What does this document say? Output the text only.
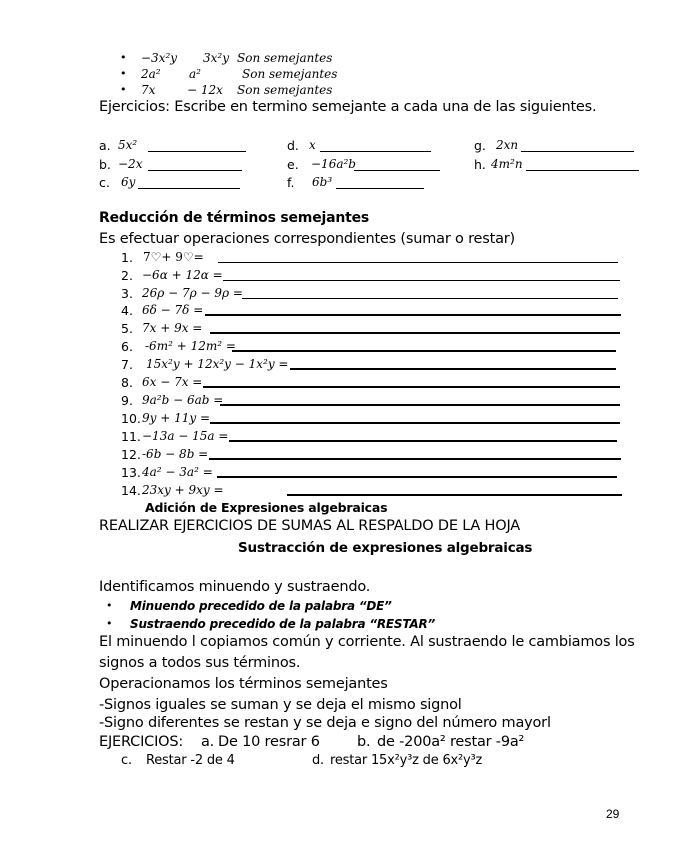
• −3x²y 3x²y Son semejantes
• 2a² a²	Son semejantes
• 7x	− 12x Son semejantes
Ejercicios: Escribe en termino semejante a cada una de las siguientes.
a. 5x²
b. −2x
c. 6y
d. x
e. −16a²b
f. 6b³
g. 2xn
h. 4m²n
Reducción de términos semejantes
Es efectuar operaciones correspondientes (sumar o restar)
1. 7♡+ 9♡=
2. −6α + 12α =
3. 26ρ − 7ρ − 9ρ =
4. 6δ − 7δ =
5. 7x + 9x =
6. -6m² + 12m² =
7. 15x²y + 12x²y − 1x²y =
8. 6x − 7x =
9. 9a²b − 6ab =
10. 9y + 11y =
11. −13a − 15a =
12. -6b − 8b =
13. 4a² − 3a² =
14. 23xy + 9xy =
Adición de Expresiones algebraicas
REALIZAR EJERCICIOS DE SUMAS AL RESPALDO DE LA HOJA
Sustracción de expresiones algebraicas
Identificamos minuendo y sustraendo.
• Minuendo precedido de la palabra “DE”
• Sustraendo precedido de la palabra “RESTAR”
El minuendo l copiamos común y corriente. Al sustraendo le cambiamos los
signos a todos sus términos.
Operacionamos los términos semejantes
-Signos iguales se suman y se deja el mismo signol
-Signo diferentes se restan y se deja e signo del número mayorl
EJERCICIOS: a. De 10 resrar 6	b. de -200a² restar -9a²
c. Restar -2 de 4	d. restar 15x²y³z de 6x²y³z
29
